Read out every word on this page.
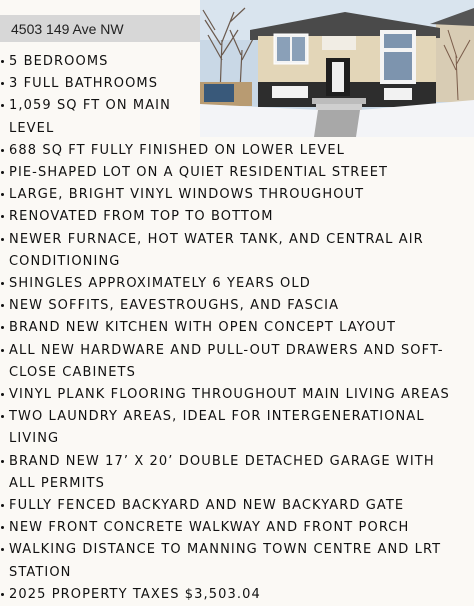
4503 149 Ave NW
5 BEDROOMS
3 FULL BATHROOMS
1,059 SQ FT ON MAIN LEVEL
688 SQ FT FULLY FINISHED ON LOWER LEVEL
PIE-SHAPED LOT ON A QUIET RESIDENTIAL STREET
LARGE, BRIGHT VINYL WINDOWS THROUGHOUT
RENOVATED FROM TOP TO BOTTOM
NEWER FURNACE, HOT WATER TANK, AND CENTRAL AIR CONDITIONING
SHINGLES APPROXIMATELY 6 YEARS OLD
NEW SOFFITS, EAVESTROUGHS, AND FASCIA
BRAND NEW KITCHEN WITH OPEN CONCEPT LAYOUT
ALL NEW HARDWARE AND PULL-OUT DRAWERS AND SOFT-CLOSE CABINETS
VINYL PLANK FLOORING THROUGHOUT MAIN LIVING AREAS
TWO LAUNDRY AREAS, IDEAL FOR INTERGENERATIONAL LIVING
BRAND NEW 17’ X 20’ DOUBLE DETACHED GARAGE WITH ALL PERMITS
FULLY FENCED BACKYARD AND NEW BACKYARD GATE
NEW FRONT CONCRETE WALKWAY AND FRONT PORCH
WALKING DISTANCE TO MANNING TOWN CENTRE AND LRT STATION
2025 PROPERTY TAXES $3,503.04
